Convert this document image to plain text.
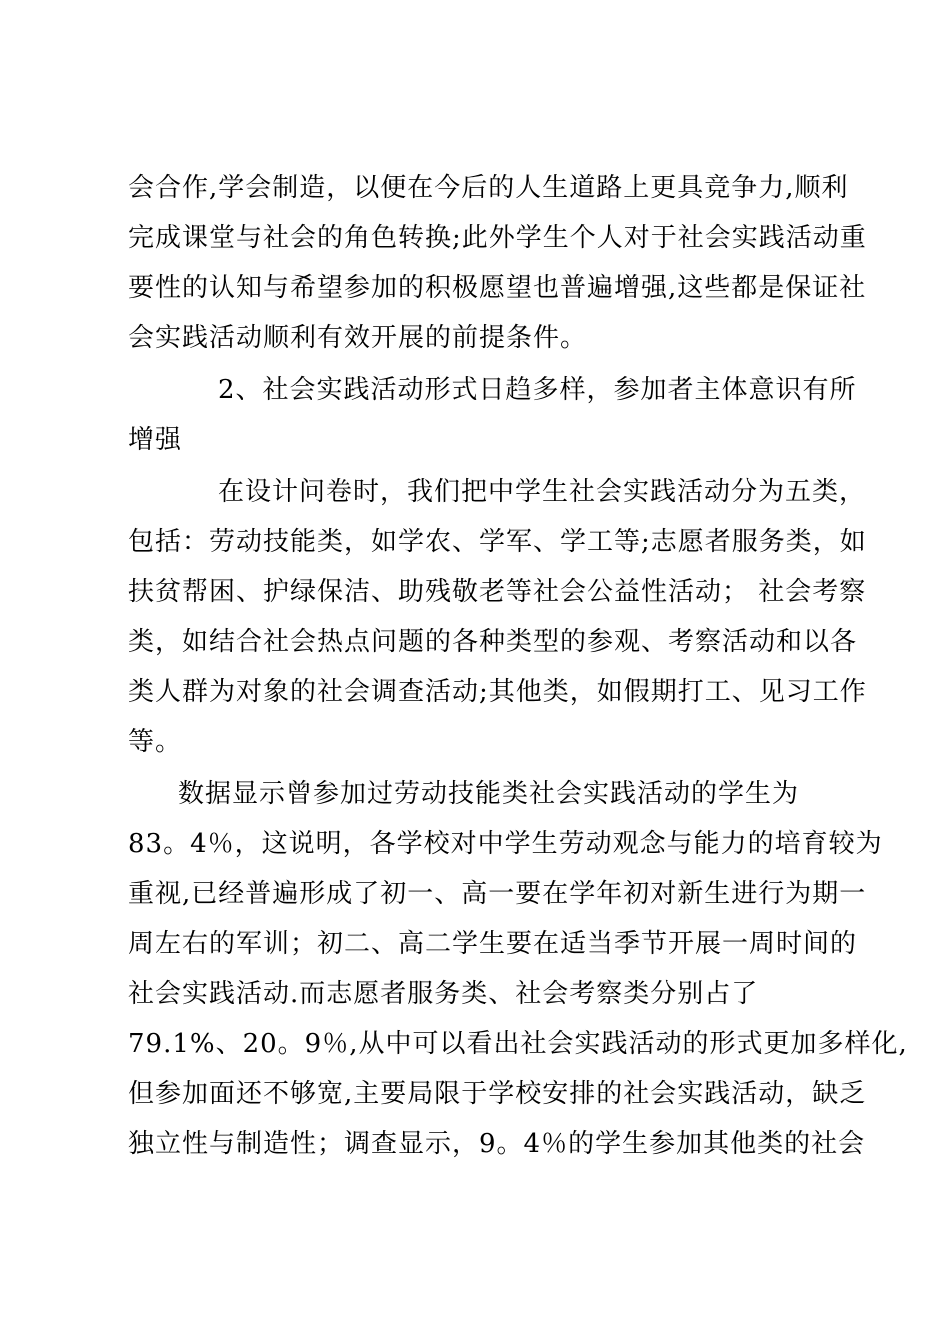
会合作,学会制造，以便在今后的人生道路上更具竞争力,顺利
完成课堂与社会的角色转换;此外学生个人对于社会实践活动重
要性的认知与希望参加的积极愿望也普遍增强,这些都是保证社
会实践活动顺利有效开展的前提条件。
2、社会实践活动形式日趋多样，参加者主体意识有所
增强
在设计问卷时，我们把中学生社会实践活动分为五类，
包括：劳动技能类，如学农、学军、学工等;志愿者服务类，如
扶贫帮困、护绿保洁、助残敬老等社会公益性活动； 社会考察
类，如结合社会热点问题的各种类型的参观、考察活动和以各
类人群为对象的社会调查活动;其他类，如假期打工、见习工作
等。
数据显示曾参加过劳动技能类社会实践活动的学生为
83。4％，这说明，各学校对中学生劳动观念与能力的培育较为
重视,已经普遍形成了初一、高一要在学年初对新生进行为期一
周左右的军训；初二、高二学生要在适当季节开展一周时间的
社会实践活动.而志愿者服务类、社会考察类分别占了
79.1%、20。9％,从中可以看出社会实践活动的形式更加多样化,
但参加面还不够宽,主要局限于学校安排的社会实践活动，缺乏
独立性与制造性；调查显示，9。4％的学生参加其他类的社会
